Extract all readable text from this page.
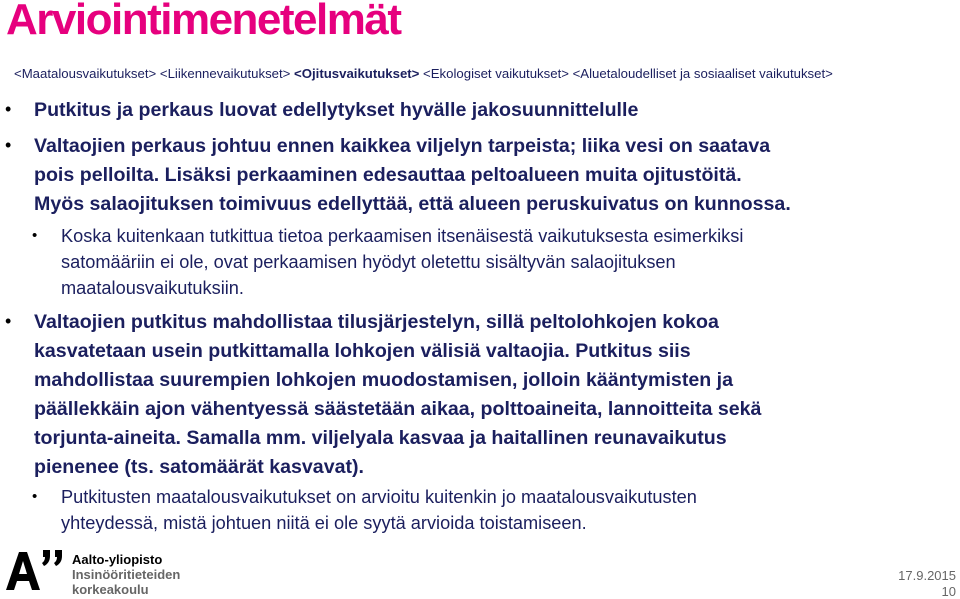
Arviointimenetelmät
<Maatalousvaikutukset> <Liikennevaikutukset> <Ojitusvaikutukset> <Ekologiset vaikutukset> <Aluetaloudelliset ja sosiaaliset vaikutukset>
• Putkitus ja perkaus luovat edellytykset hyvälle jakosuunnittelulle
• Valtaojien perkaus johtuu ennen kaikkea viljelyn tarpeista; liika vesi on saatava
pois pelloilta. Lisäksi perkaaminen edesauttaa peltoalueen muita ojitustöitä.
Myös salaojituksen toimivuus edellyttää, että alueen peruskuivatus on kunnossa.
• Koska kuitenkaan tutkittua tietoa perkaamisen itsenäisestä vaikutuksesta esimerkiksi
satomääriin ei ole, ovat perkaamisen hyödyt oletettu sisältyvän salaojituksen
maatalousvaikutuksiin.
• Valtaojien putkitus mahdollistaa tilusjärjestelyn, sillä peltolohkojen kokoa
kasvatetaan usein putkittamalla lohkojen välisiä valtaojia. Putkitus siis
mahdollistaa suurempien lohkojen muodostamisen, jolloin kääntymisten ja
päällekkäin ajon vähentyessä säästetään aikaa, polttoaineita, lannoitteita sekä
torjunta-aineita. Samalla mm. viljelyala kasvaa ja haitallinen reunavaikutus
pienenee (ts. satomäärät kasvavat).
• Putkitusten maatalousvaikutukset on arvioitu kuitenkin jo maatalousvaikutusten
yhteydessä, mistä johtuen niitä ei ole syytä arvioida toistamiseen.
Aalto-yliopisto
Insinööritieteiden
korkeakoulu
17.9.2015
10
